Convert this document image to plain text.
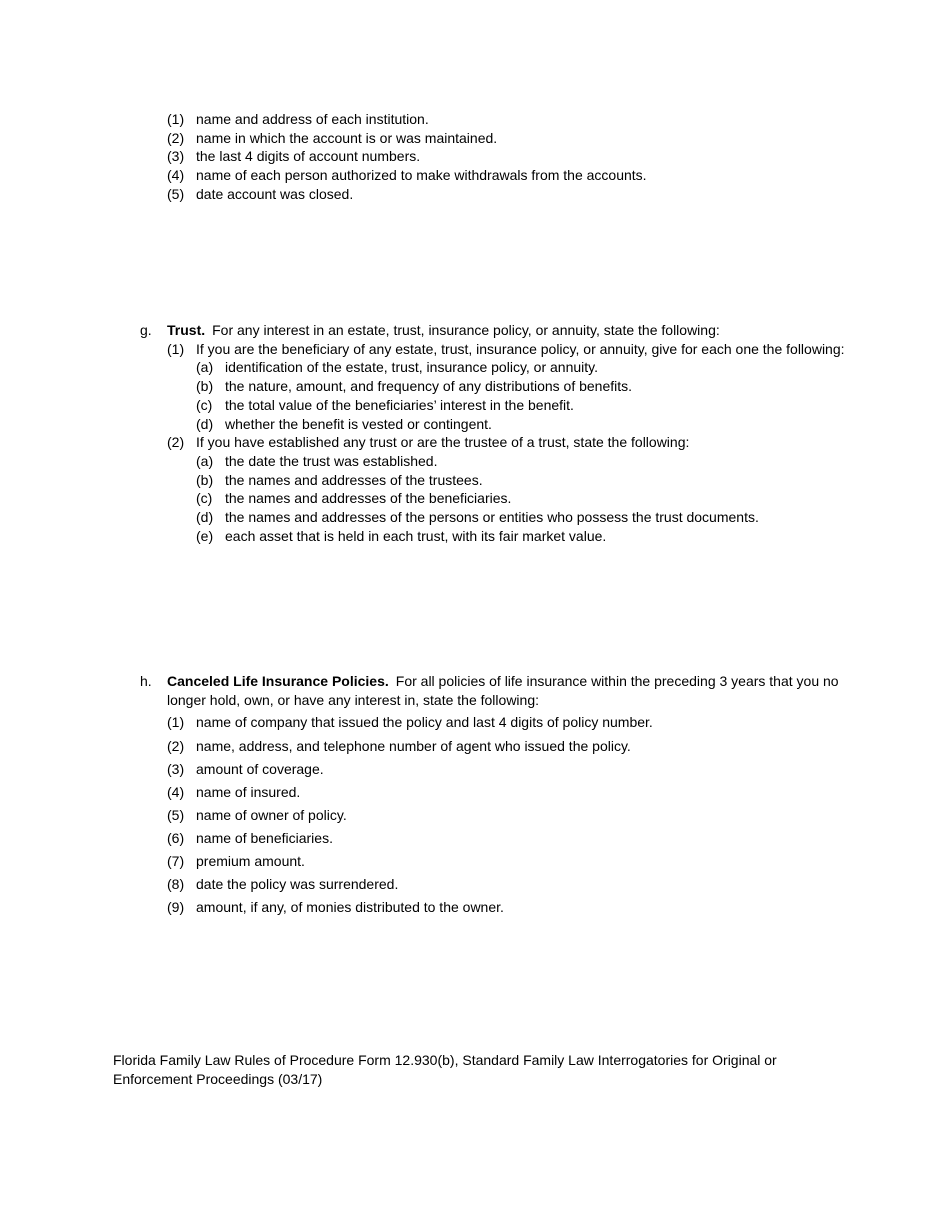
(1) name and address of each institution.
(2) name in which the account is or was maintained.
(3) the last 4 digits of account numbers.
(4) name of each person authorized to make withdrawals from the accounts.
(5) date account was closed.
g.	Trust. For any interest in an estate, trust, insurance policy, or annuity, state the following:
(1) If you are the beneficiary of any estate, trust, insurance policy, or annuity, give for each one the following:
(a) identification of the estate, trust, insurance policy, or annuity.
(b) the nature, amount, and frequency of any distributions of benefits.
(c) the total value of the beneficiaries’ interest in the benefit.
(d) whether the benefit is vested or contingent.
(2) If you have established any trust or are the trustee of a trust, state the following:
(a) the date the trust was established.
(b) the names and addresses of the trustees.
(c) the names and addresses of the beneficiaries.
(d) the names and addresses of the persons or entities who possess the trust documents.
(e) each asset that is held in each trust, with its fair market value.
h.	Canceled Life Insurance Policies. For all policies of life insurance within the preceding 3 years that you no longer hold, own, or have any interest in, state the following:
(1) name of company that issued the policy and last 4 digits of policy number.
(2) name, address, and telephone number of agent who issued the policy.
(3) amount of coverage.
(4) name of insured.
(5) name of owner of policy.
(6) name of beneficiaries.
(7) premium amount.
(8) date the policy was surrendered.
(9) amount, if any, of monies distributed to the owner.
Florida Family Law Rules of Procedure Form 12.930(b), Standard Family Law Interrogatories for Original or Enforcement Proceedings (03/17)
